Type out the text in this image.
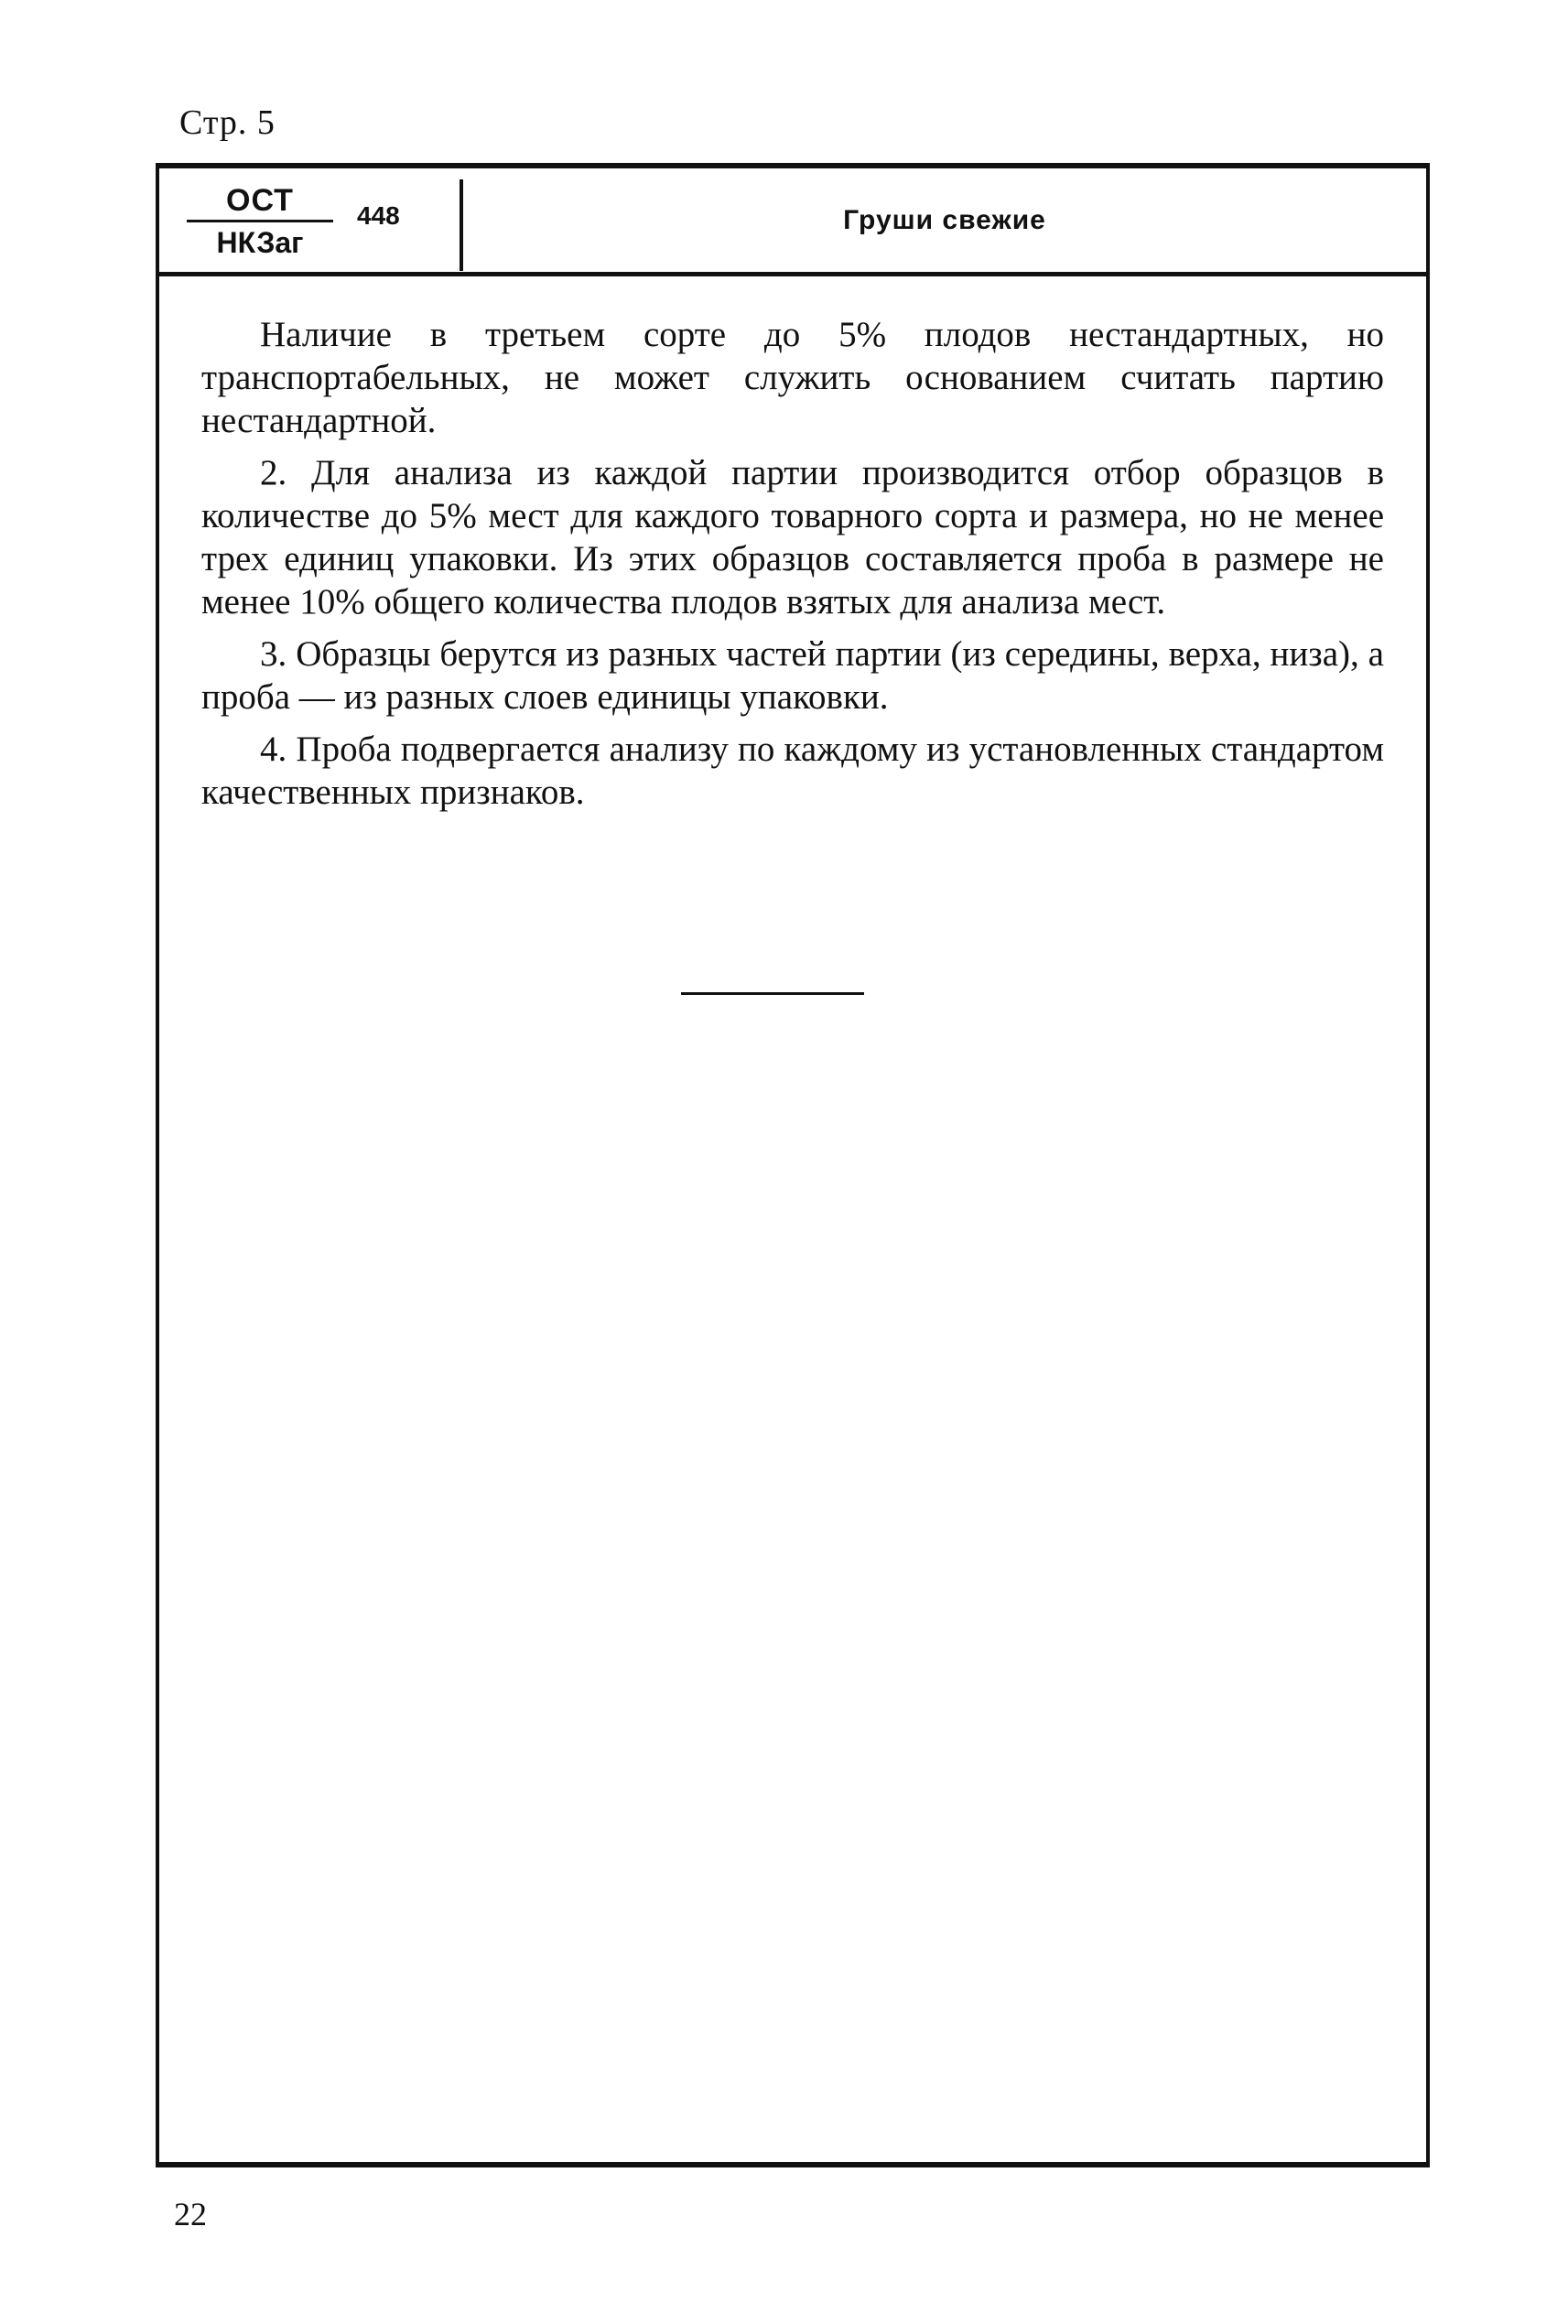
Стр. 5
ОСТ
НКЗаг
448	Груши свежие

Наличие в третьем сорте до 5% плодов нестандартных, но транспортабельных, не может служить основанием считать партию нестандартной.

2. Для анализа из каждой партии производится отбор образцов в количестве до 5% мест для каждого товарного сорта и размера, но не менее трех единиц упаковки. Из этих образцов составляется проба в размере не менее 10% общего количества плодов взятых для анализа мест.

3. Образцы берутся из разных частей партии (из середины, верха, низа), а проба — из разных слоев единицы упаковки.

4. Проба подвергается анализу по каждому из установленных стандартом качественных признаков.

22
